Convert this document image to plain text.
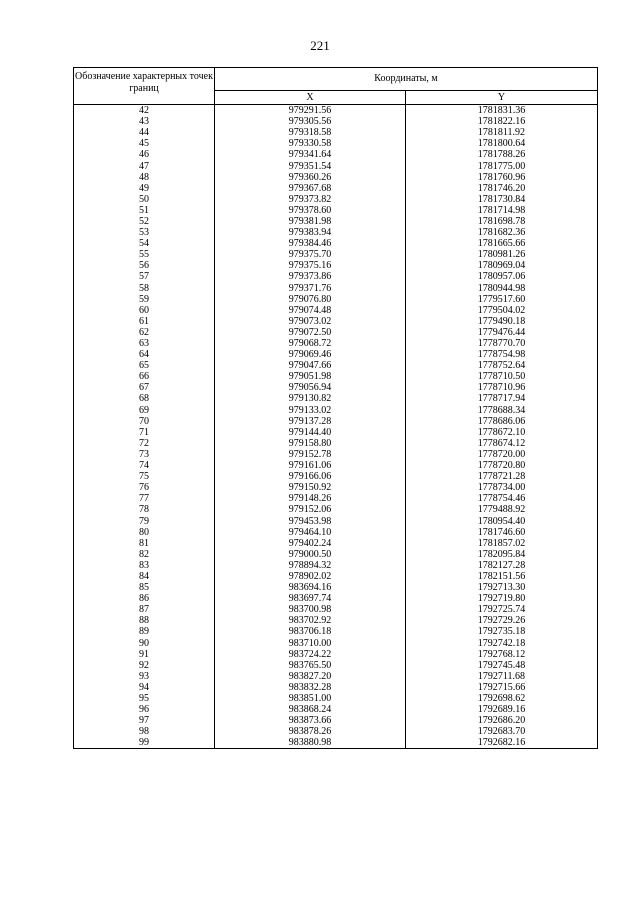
221
Обозначение характерных точек границ	Координаты, м	
	X	Y
42	979291.56	1781831.36
43	979305.56	1781822.16
44	979318.58	1781811.92
45	979330.58	1781800.64
46	979341.64	1781788.26
47	979351.54	1781775.00
48	979360.26	1781760.96
49	979367.68	1781746.20
50	979373.82	1781730.84
51	979378.60	1781714.98
52	979381.98	1781698.78
53	979383.94	1781682.36
54	979384.46	1781665.66
55	979375.70	1780981.26
56	979375.16	1780969.04
57	979373.86	1780957.06
58	979371.76	1780944.98
59	979076.80	1779517.60
60	979074.48	1779504.02
61	979073.02	1779490.18
62	979072.50	1779476.44
63	979068.72	1778770.70
64	979069.46	1778754.98
65	979047.66	1778752.64
66	979051.98	1778710.50
67	979056.94	1778710.96
68	979130.82	1778717.94
69	979133.02	1778688.34
70	979137.28	1778686.06
71	979144.40	1778672.10
72	979158.80	1778674.12
73	979152.78	1778720.00
74	979161.06	1778720.80
75	979166.06	1778721.28
76	979150.92	1778734.00
77	979148.26	1778754.46
78	979152.06	1779488.92
79	979453.98	1780954.40
80	979464.10	1781746.60
81	979402.24	1781857.02
82	979000.50	1782095.84
83	978894.32	1782127.28
84	978902.02	1782151.56
85	983694.16	1792713.30
86	983697.74	1792719.80
87	983700.98	1792725.74
88	983702.92	1792729.26
89	983706.18	1792735.18
90	983710.00	1792742.18
91	983724.22	1792768.12
92	983765.50	1792745.48
93	983827.20	1792711.68
94	983832.28	1792715.66
95	983851.00	1792698.62
96	983868.24	1792689.16
97	983873.66	1792686.20
98	983878.26	1792683.70
99	983880.98	1792682.16
